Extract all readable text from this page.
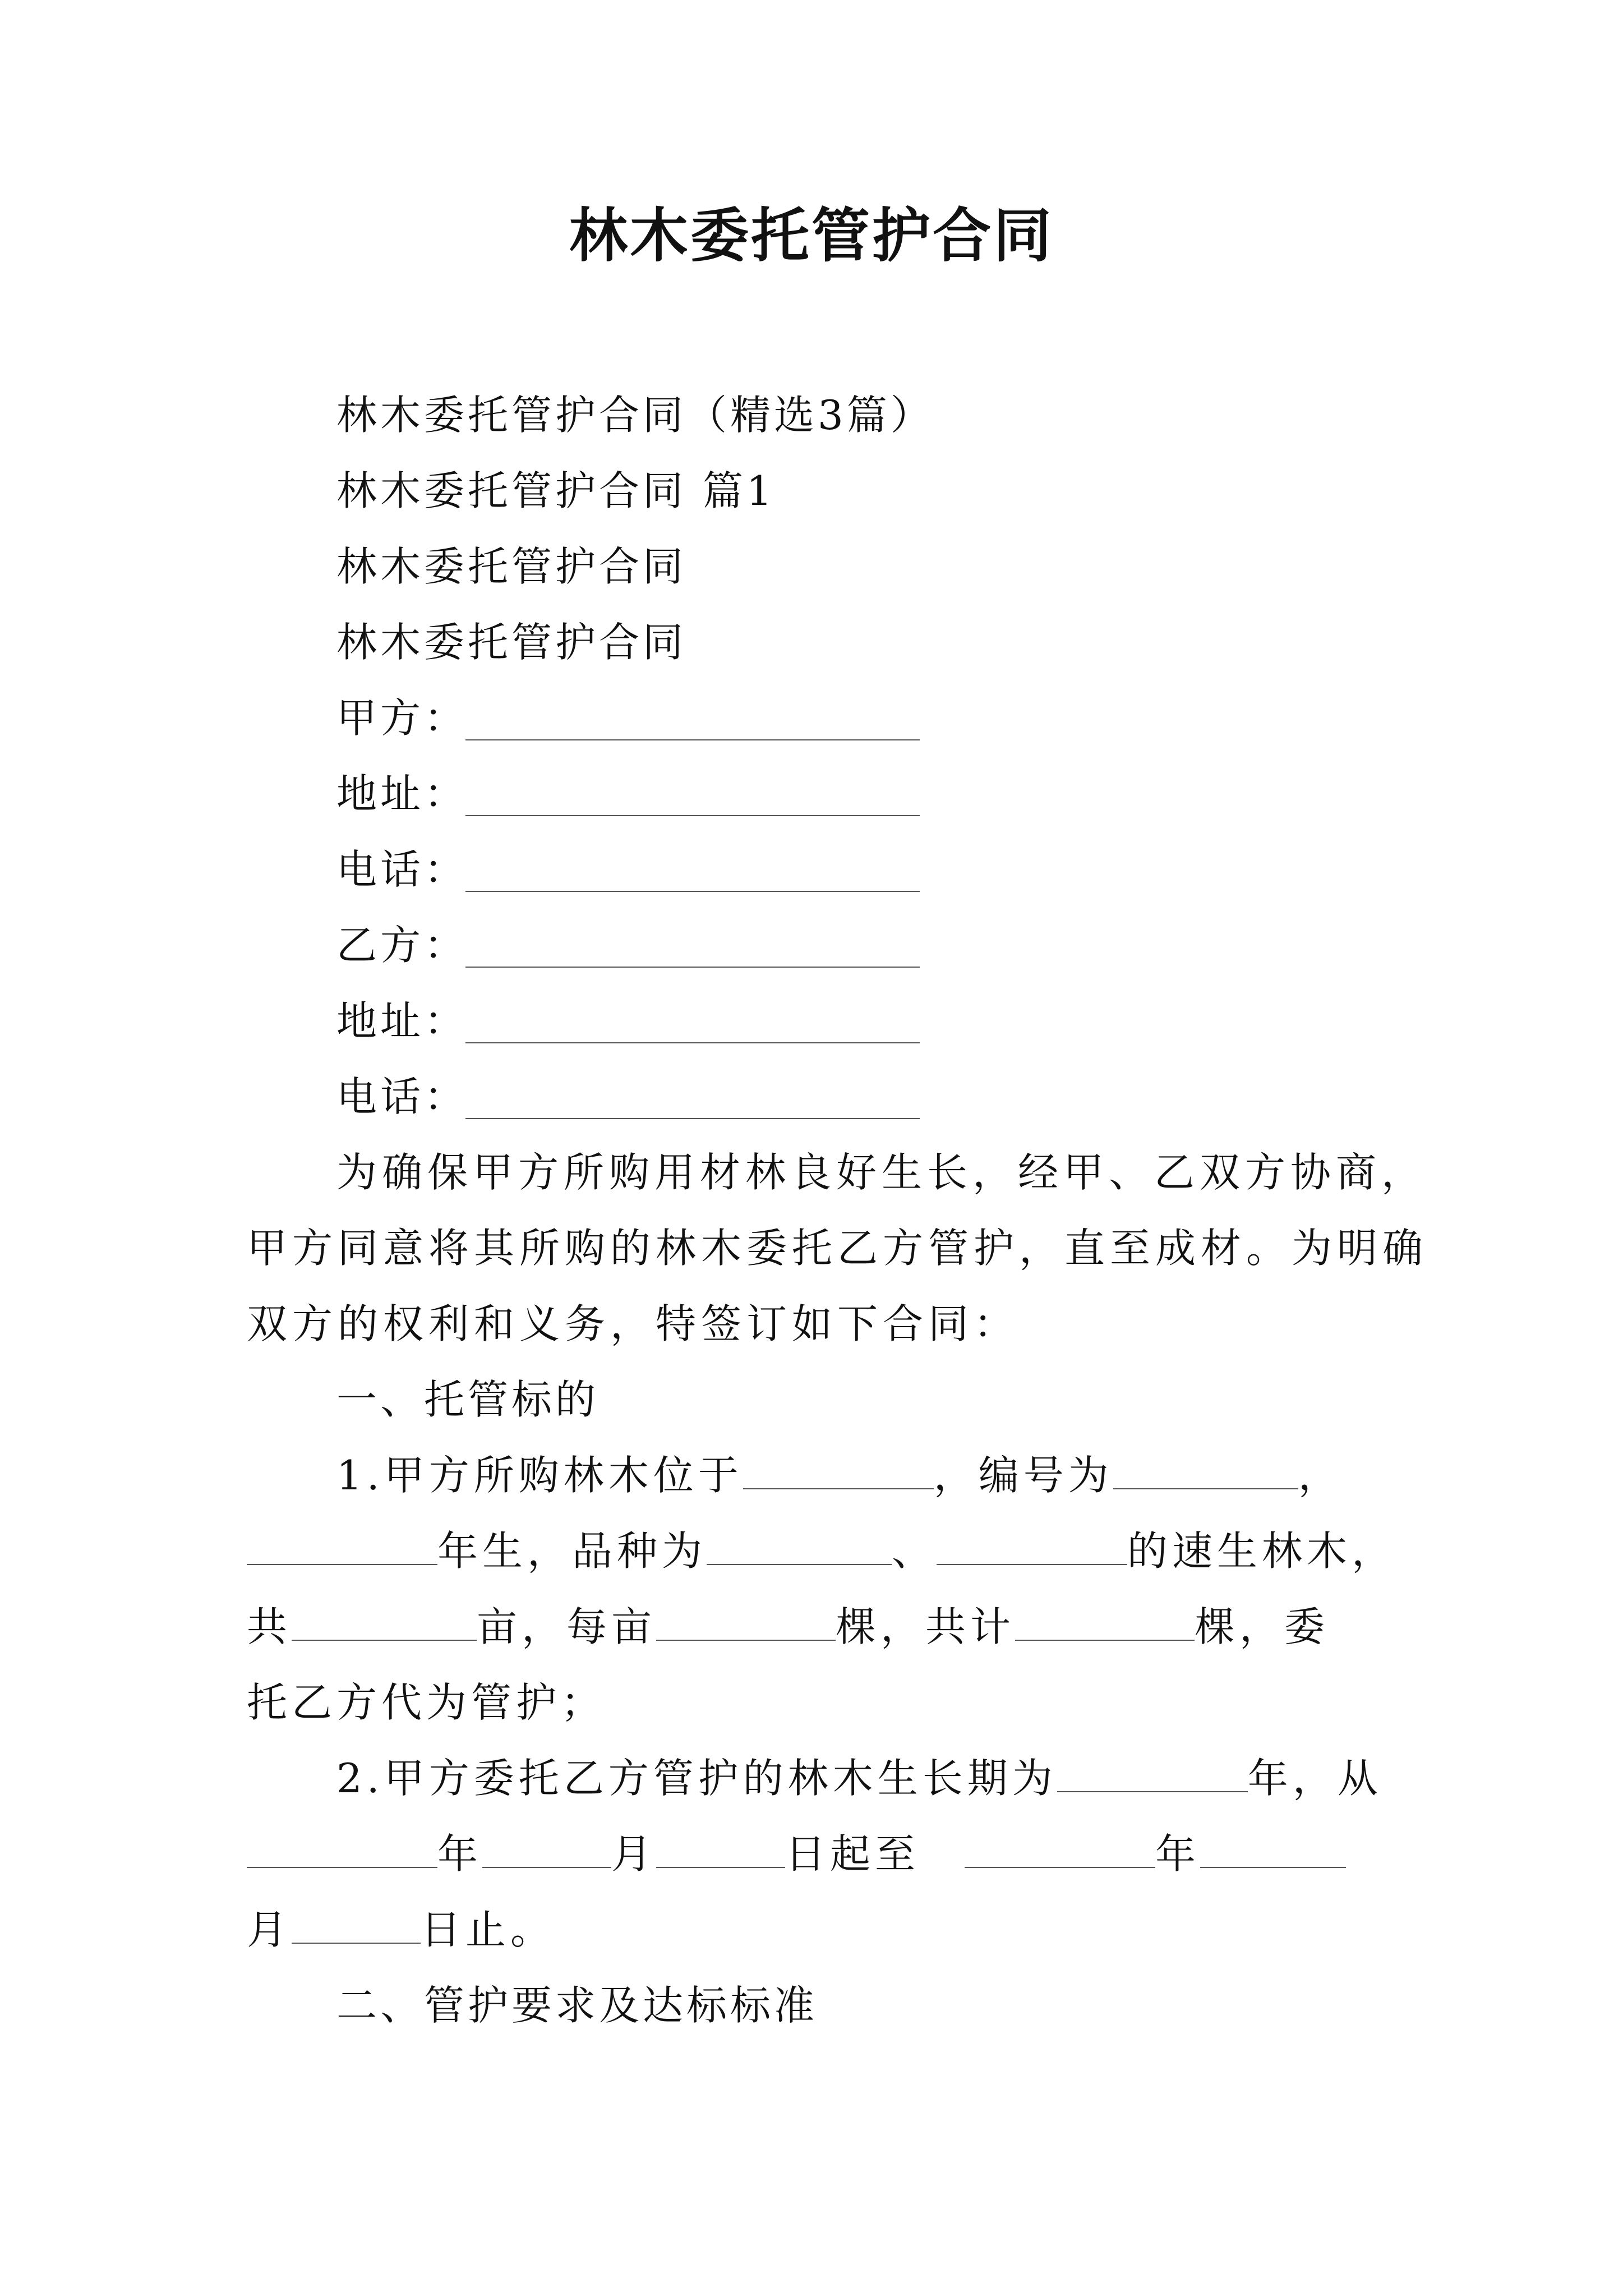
林木委托管护合同
林木委托管护合同（精选3篇）
林木委托管护合同 篇1
林木委托管护合同
林木委托管护合同
甲方：
地址：
电话：
乙方：
地址：
电话：
为确保甲方所购用材林良好生长，经甲、乙双方协商，
甲方同意将其所购的林木委托乙方管护，直至成材。为明确
双方的权利和义务，特签订如下合同：
一、托管标的
1.甲方所购林木位于	，编号为	，
年生，品种为	、	的速生林木，
共	亩，每亩	棵，共计	棵，委
托乙方代为管护；
2.甲方委托乙方管护的林木生长期为	年，从
年	月	日起至	年
月	日止。
二、管护要求及达标标准
